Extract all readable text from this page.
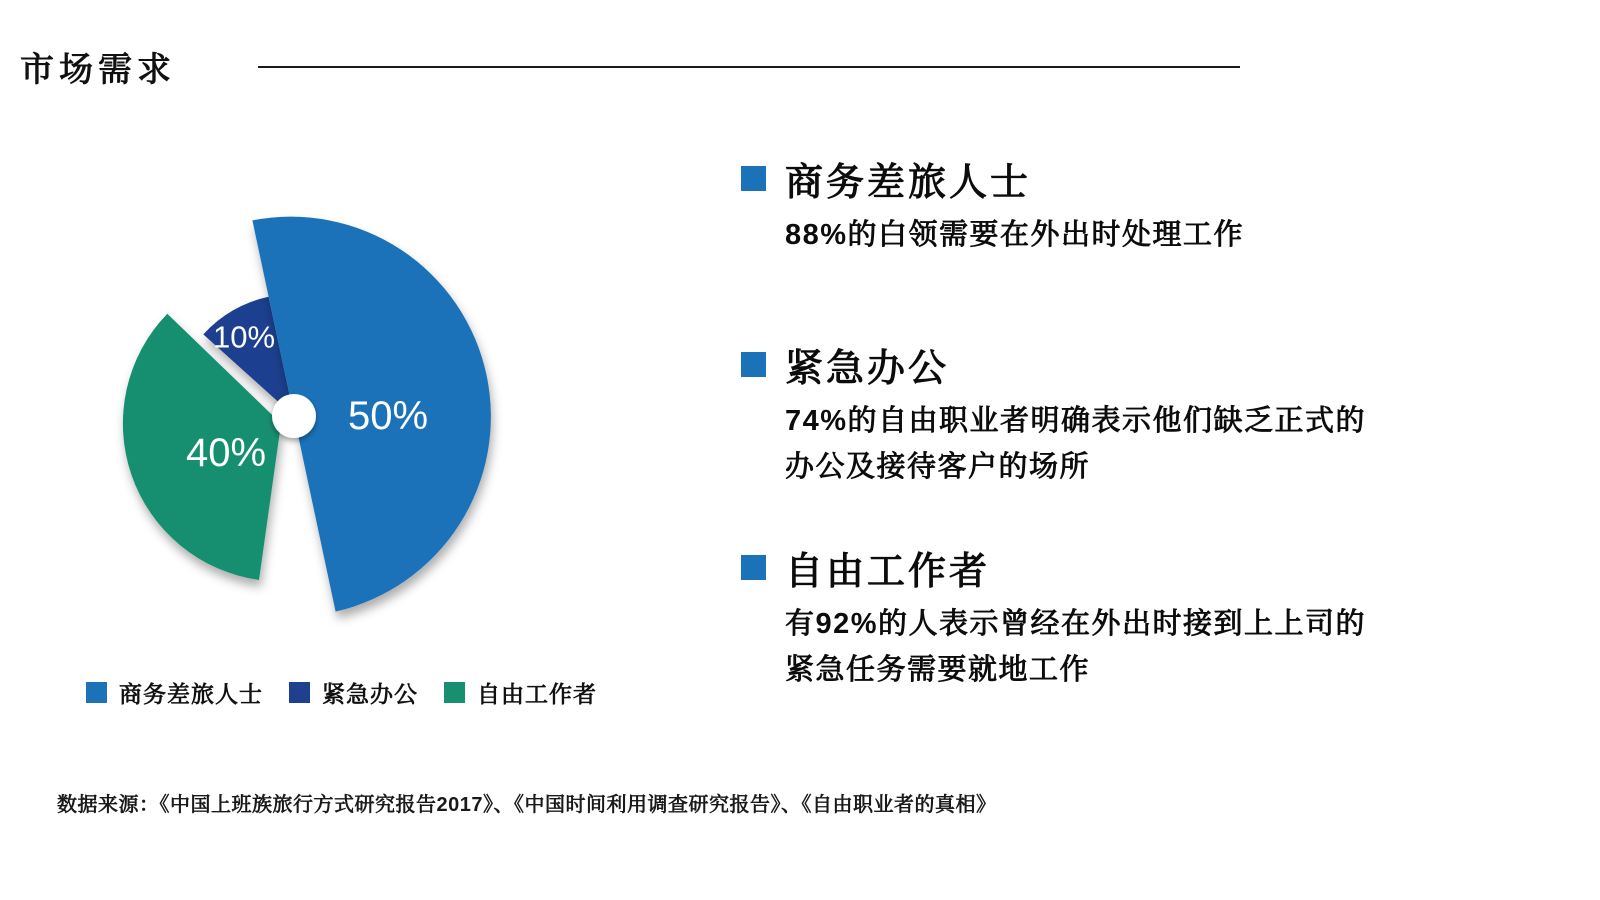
市场需求
50%
10%
40%
商务差旅人士	紧急办公	自由工作者
商务差旅人士
88%的白领需要在外出时处理工作
紧急办公
74%的自由职业者明确表示他们缺乏正式的
办公及接待客户的场所
自由工作者
有92%的人表示曾经在外出时接到上上司的
紧急任务需要就地工作
数据来源：《中国上班族旅行方式研究报告2017》、《中国时间利用调查研究报告》、《自由职业者的真相》
